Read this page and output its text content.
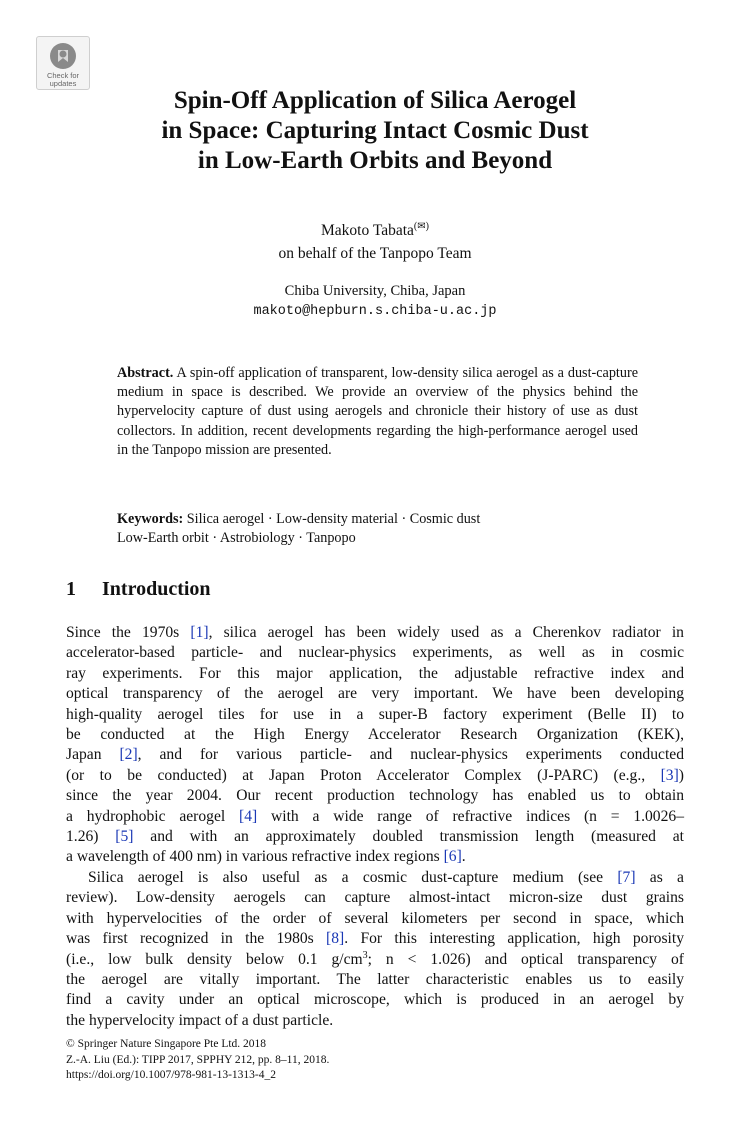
Check for
updates
Spin-Off Application of Silica Aerogel
in Space: Capturing Intact Cosmic Dust
in Low-Earth Orbits and Beyond
Makoto Tabata(✉)
on behalf of the Tanpopo Team
Chiba University, Chiba, Japan
makoto@hepburn.s.chiba-u.ac.jp

Abstract. A spin-off application of transparent, low-density silica aerogel as a dust-capture medium in space is described. We provide an overview of the physics behind the hypervelocity capture of dust using aerogels and chronicle their history of use as dust collectors. In addition, recent developments regarding the high-performance aerogel used in the Tanpopo mission are presented.

Keywords: Silica aerogel · Low-density material · Cosmic dust
Low-Earth orbit · Astrobiology · Tanpopo

1 Introduction
Since the 1970s [1], silica aerogel has been widely used as a Cherenkov radiator in
accelerator-based particle- and nuclear-physics experiments, as well as in cosmic
ray experiments. For this major application, the adjustable refractive index and
optical transparency of the aerogel are very important. We have been developing
high-quality aerogel tiles for use in a super-B factory experiment (Belle II) to
be conducted at the High Energy Accelerator Research Organization (KEK),
Japan [2], and for various particle- and nuclear-physics experiments conducted
(or to be conducted) at Japan Proton Accelerator Complex (J-PARC) (e.g., [3])
since the year 2004. Our recent production technology has enabled us to obtain
a hydrophobic aerogel [4] with a wide range of refractive indices (n = 1.0026–
1.26) [5] and with an approximately doubled transmission length (measured at
a wavelength of 400 nm) in various refractive index regions [6].
Silica aerogel is also useful as a cosmic dust-capture medium (see [7] as a
review). Low-density aerogels can capture almost-intact micron-size dust grains
with hypervelocities of the order of several kilometers per second in space, which
was first recognized in the 1980s [8]. For this interesting application, high porosity
(i.e., low bulk density below 0.1 $g/cm^3$; n < 1.026) and optical transparency of
the aerogel are vitally important. The latter characteristic enables us to easily
find a cavity under an optical microscope, which is produced in an aerogel by
the hypervelocity impact of a dust particle.
© Springer Nature Singapore Pte Ltd. 2018
Z.-A. Liu (Ed.): TIPP 2017, SPPHY 212, pp. 8–11, 2018.
https://doi.org/10.1007/978-981-13-1313-4_2
